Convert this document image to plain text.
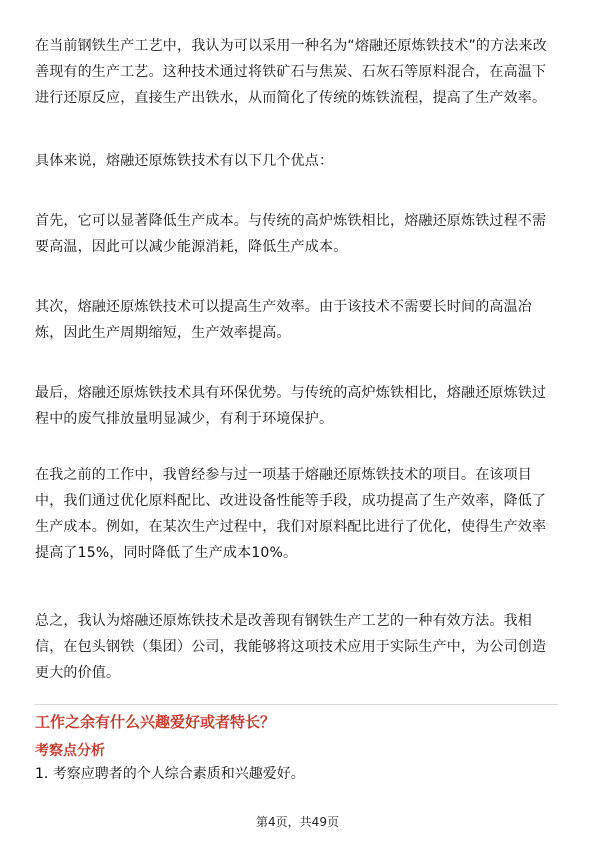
在当前钢铁生产工艺中，我认为可以采用一种名为“熔融还原炼铁技术”的方法来改善现有的生产工艺。这种技术通过将铁矿石与焦炭、石灰石等原料混合，在高温下进行还原反应，直接生产出铁水，从而简化了传统的炼铁流程，提高了生产效率。

具体来说，熔融还原炼铁技术有以下几个优点：

首先，它可以显著降低生产成本。与传统的高炉炼铁相比，熔融还原炼铁过程不需要高温，因此可以减少能源消耗，降低生产成本。

其次，熔融还原炼铁技术可以提高生产效率。由于该技术不需要长时间的高温冶炼，因此生产周期缩短，生产效率提高。

最后，熔融还原炼铁技术具有环保优势。与传统的高炉炼铁相比，熔融还原炼铁过程中的废气排放量明显减少，有利于环境保护。

在我之前的工作中，我曾经参与过一项基于熔融还原炼铁技术的项目。在该项目中，我们通过优化原料配比、改进设备性能等手段，成功提高了生产效率，降低了生产成本。例如，在某次生产过程中，我们对原料配比进行了优化，使得生产效率提高了15%，同时降低了生产成本10%。

总之，我认为熔融还原炼铁技术是改善现有钢铁生产工艺的一种有效方法。我相信，在包头钢铁（集团）公司，我能够将这项技术应用于实际生产中，为公司创造更大的价值。

工作之余有什么兴趣爱好或者特长？

考察点分析

1. 考察应聘者的个人综合素质和兴趣爱好。

第4页，共49页
